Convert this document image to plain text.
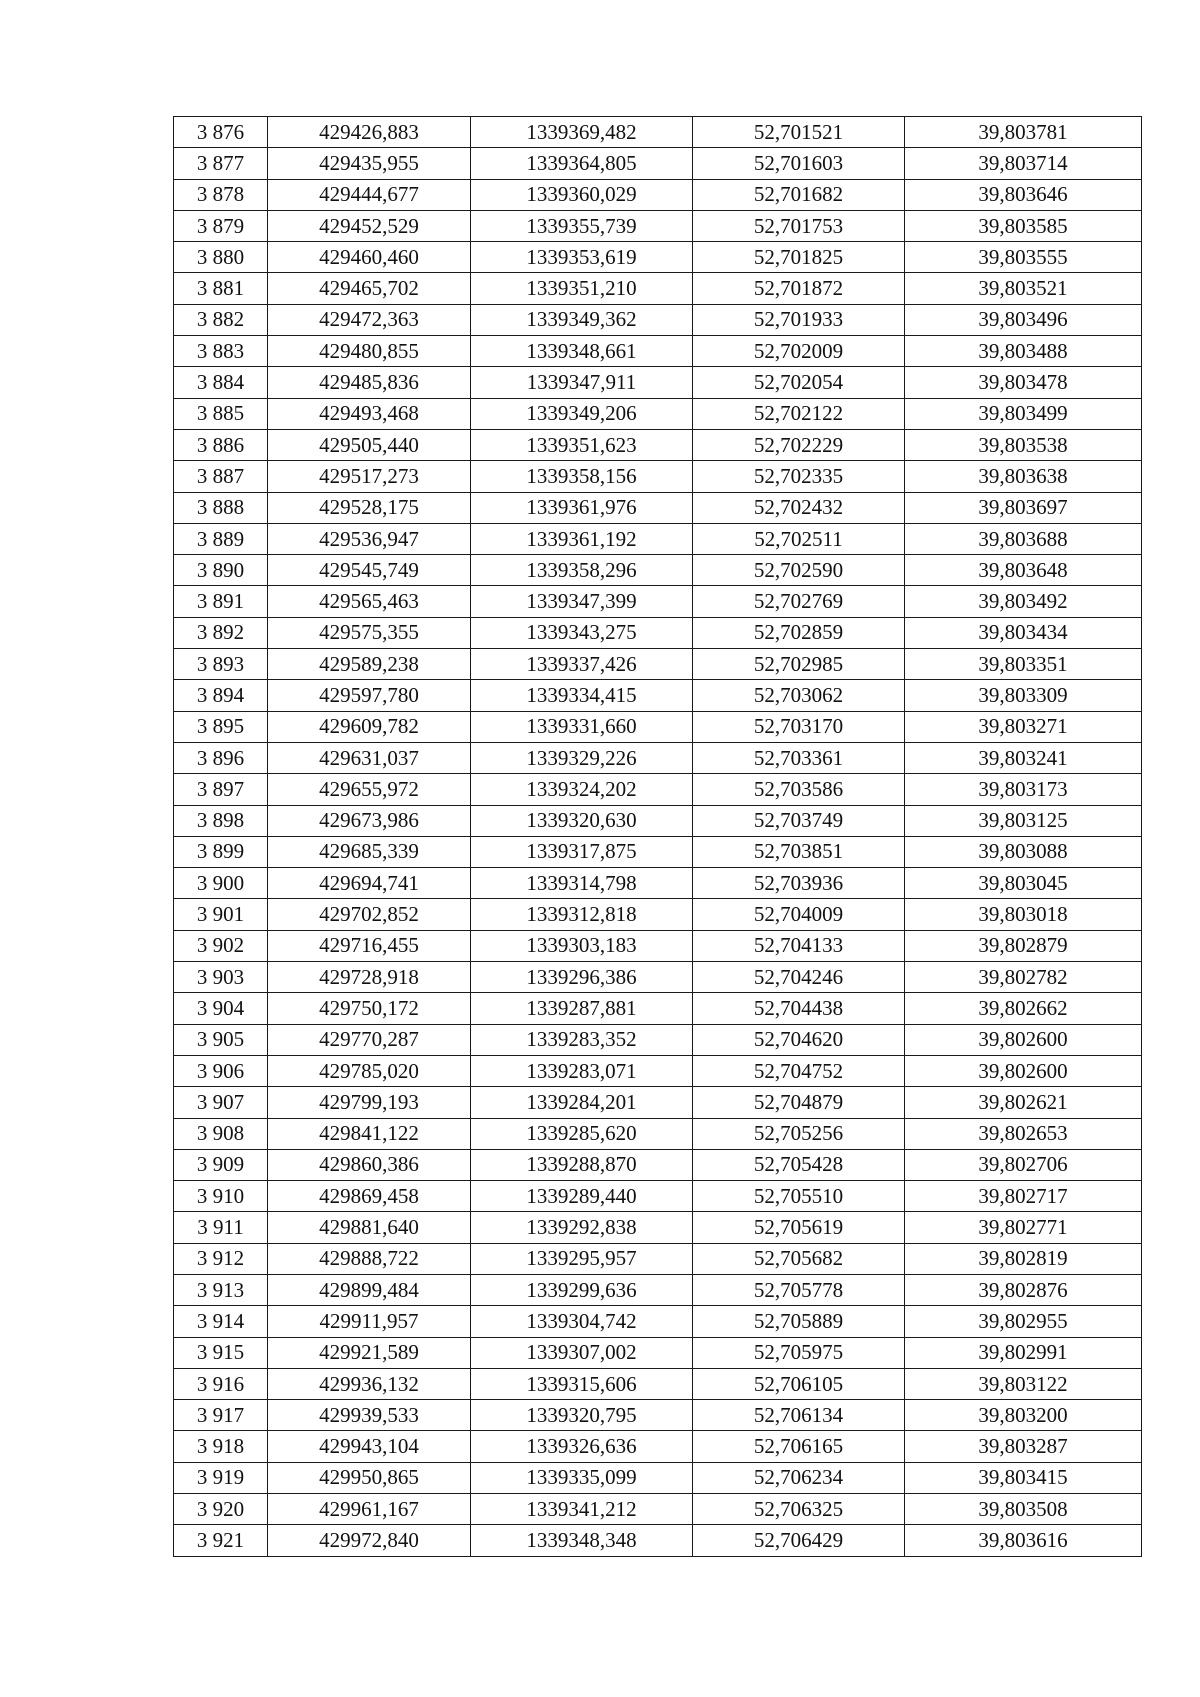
3 876	429426,883	1339369,482	52,701521	39,803781
3 877	429435,955	1339364,805	52,701603	39,803714
3 878	429444,677	1339360,029	52,701682	39,803646
3 879	429452,529	1339355,739	52,701753	39,803585
3 880	429460,460	1339353,619	52,701825	39,803555
3 881	429465,702	1339351,210	52,701872	39,803521
3 882	429472,363	1339349,362	52,701933	39,803496
3 883	429480,855	1339348,661	52,702009	39,803488
3 884	429485,836	1339347,911	52,702054	39,803478
3 885	429493,468	1339349,206	52,702122	39,803499
3 886	429505,440	1339351,623	52,702229	39,803538
3 887	429517,273	1339358,156	52,702335	39,803638
3 888	429528,175	1339361,976	52,702432	39,803697
3 889	429536,947	1339361,192	52,702511	39,803688
3 890	429545,749	1339358,296	52,702590	39,803648
3 891	429565,463	1339347,399	52,702769	39,803492
3 892	429575,355	1339343,275	52,702859	39,803434
3 893	429589,238	1339337,426	52,702985	39,803351
3 894	429597,780	1339334,415	52,703062	39,803309
3 895	429609,782	1339331,660	52,703170	39,803271
3 896	429631,037	1339329,226	52,703361	39,803241
3 897	429655,972	1339324,202	52,703586	39,803173
3 898	429673,986	1339320,630	52,703749	39,803125
3 899	429685,339	1339317,875	52,703851	39,803088
3 900	429694,741	1339314,798	52,703936	39,803045
3 901	429702,852	1339312,818	52,704009	39,803018
3 902	429716,455	1339303,183	52,704133	39,802879
3 903	429728,918	1339296,386	52,704246	39,802782
3 904	429750,172	1339287,881	52,704438	39,802662
3 905	429770,287	1339283,352	52,704620	39,802600
3 906	429785,020	1339283,071	52,704752	39,802600
3 907	429799,193	1339284,201	52,704879	39,802621
3 908	429841,122	1339285,620	52,705256	39,802653
3 909	429860,386	1339288,870	52,705428	39,802706
3 910	429869,458	1339289,440	52,705510	39,802717
3 911	429881,640	1339292,838	52,705619	39,802771
3 912	429888,722	1339295,957	52,705682	39,802819
3 913	429899,484	1339299,636	52,705778	39,802876
3 914	429911,957	1339304,742	52,705889	39,802955
3 915	429921,589	1339307,002	52,705975	39,802991
3 916	429936,132	1339315,606	52,706105	39,803122
3 917	429939,533	1339320,795	52,706134	39,803200
3 918	429943,104	1339326,636	52,706165	39,803287
3 919	429950,865	1339335,099	52,706234	39,803415
3 920	429961,167	1339341,212	52,706325	39,803508
3 921	429972,840	1339348,348	52,706429	39,803616
